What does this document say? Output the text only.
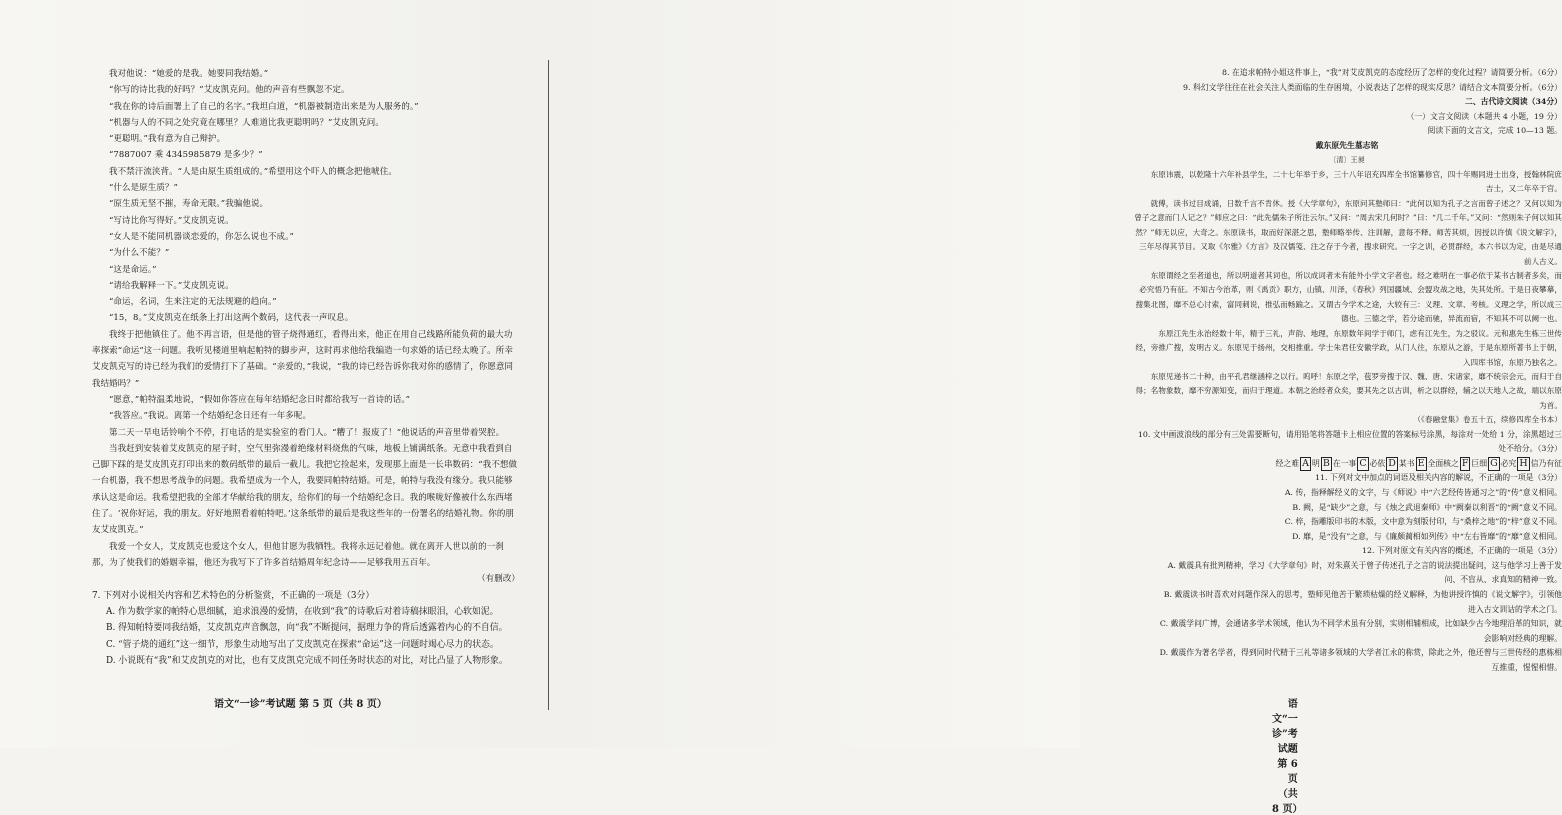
我对他说：“她爱的是我。她要同我结婚。”

“你写的诗比我的好吗？”艾皮凯克问。他的声音有些飘忽不定。

“我在你的诗后面署上了自己的名字。”我坦白道，“机器被制造出来是为人服务的。”

“机器与人的不同之处究竟在哪里？人难道比我更聪明吗？”艾皮凯克问。

“更聪明。”我有意为自己辩护。

“7887007 乘 4345985879 是多少？”

我不禁汗流浃背。“人是由原生质组成的。”希望用这个吓人的概念把他唬住。

“什么是原生质？”

“原生质无坚不摧，寿命无限。”我骗他说。

“写诗比你写得好。”艾皮凯克说。

“女人是不能同机器谈恋爱的，你怎么说也不成。”

“为什么不能？”

“这是命运。”

“请给我解释一下。”艾皮凯克说。

“命运，名词，生来注定的无法规避的趋向。”

“15，8。”艾皮凯克在纸条上打出这两个数码，这代表一声叹息。

我终于把他镇住了。他不再言语，但是他的管子烧得通红，看得出来，他正在用自己线路所能负荷的最大功率探索“命运”这一问题。我听见楼道里响起帕特的脚步声，这时再求他给我编造一句求婚的话已经太晚了。所幸艾皮凯克写的诗已经为我们的爱情打下了基础。“亲爱的，”我说，“我的诗已经告诉你我对你的感情了，你愿意同我结婚吗？”

“愿意，”帕特温柔地说，“假如你答应在每年结婚纪念日时都给我写一首诗的话。”

“我答应。”我说。离第一个结婚纪念日还有一年多呢。

第二天一早电话铃响个不停，打电话的是实验室的看门人。“糟了！报废了！”他说话的声音里带着哭腔。

当我赶到安装着艾皮凯克的屋子时，空气里弥漫着绝缘材料烧焦的气味，地板上铺满纸条。无意中我看到自己脚下踩的是艾皮凯克打印出来的数码纸带的最后一截儿。我把它捡起来，发现那上面是一长串数码：“我不想做一台机器，我不想思考战争的问题。我希望成为一个人，我要同帕特结婚。可是，帕特与我没有缘分。我只能够承认这是命运。我希望把我的全部才华献给我的朋友，给你们的每一个结婚纪念日。我的喉咙好像被什么东西堵住了。‘祝你好运，我的朋友。好好地照看着帕特吧。’这条纸带的最后是我这些年的一份署名的结婚礼物。你的朋友艾皮凯克。”

我爱一个女人，艾皮凯克也爱这个女人，但他甘愿为我牺牲。我将永远记着他。就在离开人世以前的一刹那，为了使我们的婚姻幸福，他还为我写下了许多首结婚周年纪念诗——足够我用五百年。

（有删改）

7. 下列对小说相关内容和艺术特色的分析鉴赏，不正确的一项是（3分）

A. 作为数学家的帕特心思细腻，追求浪漫的爱情，在收到“我”的诗歌后对着诗稿抹眼泪，心软如泥。

B. 得知帕特要同我结婚，艾皮凯克声音飘忽，向“我”不断提问，据理力争的背后透露着内心的不自信。

C. “管子烧的通红”这一细节，形象生动地写出了艾皮凯克在探索“命运”这一问题时竭心尽力的状态。

D. 小说既有“我”和艾皮凯克的对比，也有艾皮凯克完成不同任务时状态的对比，对比凸显了人物形象。

语文“一诊”考试题 第 5 页（共 8 页）

8. 在追求帕特小姐这件事上，“我”对艾皮凯克的态度经历了怎样的变化过程？请简要分析。（6分）

9. 科幻文学往往在社会关注人类面临的生存困境，小说表达了怎样的现实反思？请结合文本简要分析。（6分）

二、古代诗文阅读（34分）

（一）文言文阅读（本题共 4 小题，19 分）

阅读下面的文言文，完成 10—13 题。

戴东原先生墓志铭

〔清〕王昶

东原讳震，以乾隆十六年补县学生，二十七年举于乡，三十八年诏充四库全书馆纂修官，四十年赐同进士出身，授翰林院庶吉士，又二年卒于官。

就傅，读书过目成诵，日数千言不肯休。授《大学章句》，东原问其塾师曰：“此何以知为孔子之言而曾子述之？又何以知为曾子之意而门人记之？”师应之曰：“此先儒朱子所注云尔。”又问：“周去宋几何时？”曰：“几二千年。”又问：“然则朱子何以知其然？”师无以应，大奇之。东原读书，取而好深湛之思，塾师略举传、注训解，意每不释。师苦其烦，因授以许慎《说文解字》，三年尽得其节目。又取《尔雅》《方言》及汉儒笺、注之存于今者，搜求研究。一字之训，必贯群经，本六书以为定，由是尽通前人古义。

东原谓经之至者道也，所以明道者其词也，所以成词者未有能外小学文字者也。经之难明在一事必依于某书古制者多矣，而必究悟乃有征。不知古今治革，则《禹贡》职方，山镇、川泽，《春秋》列国疆域、会盟攻战之地，失其处所。于是日夜攀摹，搜集北图，靡不总心讨索，富同刺说，推弘而畅踰之。又谓古今学术之途，大较有三：义理、文章、考核。义理之学，所以成三德也。三德之学，若分途而驰，异流而宿，不知其不可以阙一也。

东原江先生永治经数十年，精于三礼，声韵、地理，东原数年间学于师门，虑有江先生，为之驳议。元和惠先生栋三世传经，旁推广搜，发明古义。东原见于扬州，交相推重。学士朱君任安徽学政，从门人往，东原从之游，于是东原所著书上于朝，入四库书馆，东原乃独名之。

东原见递书二十种，由平孔君继涵梓之以行。呜呼！东原之学，苞罗旁搜于汉、魏、唐、宋诸家，靡不统宗会元，而归于自得；名物象数，靡不穷源知变，而归于理道。本朝之治经者众矣，要其先之以古训，析之以群经，辅之以天地人之故，端以东原为首。

（《春融堂集》卷五十五，续修四库全书本）

10. 文中画波浪线的部分有三处需要断句，请用铅笔将答题卡上相应位置的答案标号涂黑，每涂对一处给 1 分，涂黑超过三处不给分。（3分）

经之难 A 明 B 在一事 C 必依 D 某书 E 全面核之 F 巨细 G 必究 H 信乃有征

11. 下列对文中加点的词语及相关内容的解说，不正确的一项是（3分）

A. 传，指释解经义的文字，与《师说》中“六艺经传皆通习之”的“传”意义相同。

B. 阙，是“缺少”之意，与《烛之武退秦师》中“阙秦以利晋”的“阙”意义不同。

C. 梓，指雕版印书的木版，文中意为刻版付印，与“桑梓之地”的“梓”意义不同。

D. 靡，是“没有”之意，与《廉颇蔺相如列传》中“左右皆靡”的“靡”意义相同。

12. 下列对原文有关内容的概述，不正确的一项是（3分）

A. 戴震具有批判精神，学习《大学章句》时，对朱熹关于曾子传述孔子之言的说法提出疑问，这与他学习上善于发问、不盲从、求真知的精神一致。

B. 戴震读书时喜欢对问题作深入的思考，塾师见他苦于繁琐枯燥的经义解释，为他讲授许慎的《说文解字》，引领他进入古文训诂的学术之门。

C. 戴震学问广博，会通诸多学术领域，他认为不同学术虽有分别，实则相辅相成，比如缺少古今地理沿革的知识，就会影响对经典的理解。

D. 戴震作为著名学者，得到同时代精于三礼等诸多领域的大学者江永的称赏，除此之外，他还曾与三世传经的惠栋相互推重，惺惺相惜。

语文“一诊”考试题 第 6 页（共 8 页）
